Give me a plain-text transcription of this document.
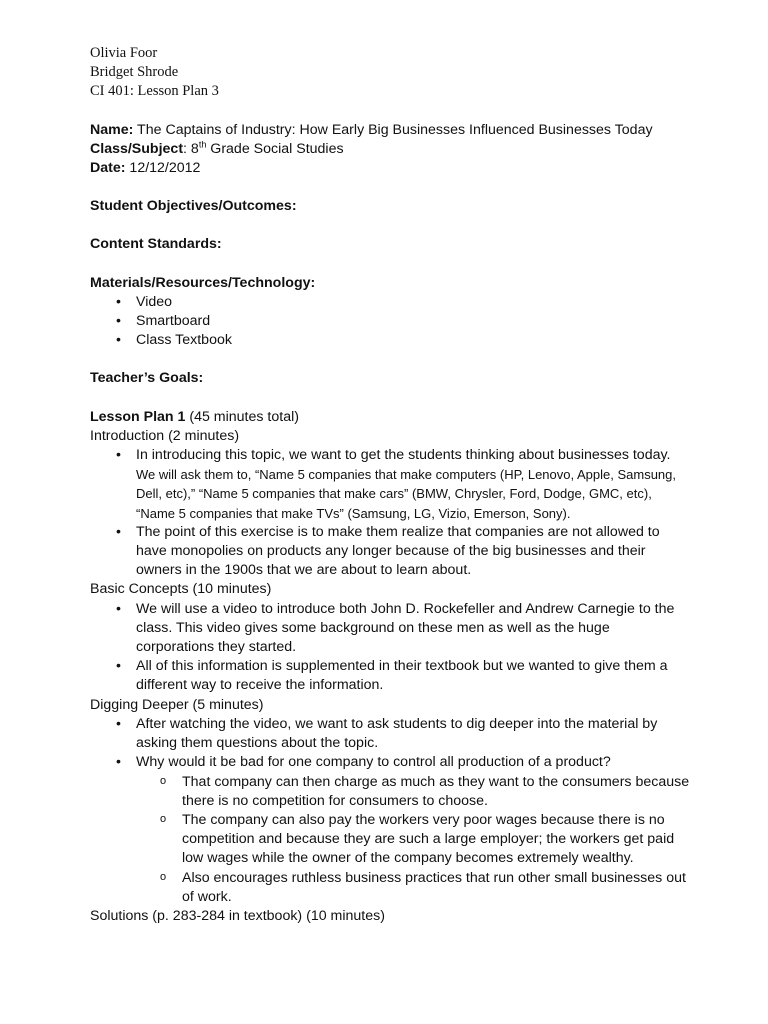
Olivia Foor
Bridget Shrode
CI 401: Lesson Plan 3
Name: The Captains of Industry: How Early Big Businesses Influenced Businesses Today
Class/Subject: 8th Grade Social Studies
Date: 12/12/2012
Student Objectives/Outcomes:
Content Standards:
Materials/Resources/Technology:
• Video
• Smartboard
• Class Textbook
Teacher’s Goals:
Lesson Plan 1 (45 minutes total)
Introduction (2 minutes)
• In introducing this topic, we want to get the students thinking about businesses today.
We will ask them to, “Name 5 companies that make computers (HP, Lenovo, Apple, Samsung, Dell, etc),” “Name 5 companies that make cars” (BMW, Chrysler, Ford, Dodge, GMC, etc), “Name 5 companies that make TVs” (Samsung, LG, Vizio, Emerson, Sony).
• The point of this exercise is to make them realize that companies are not allowed to have monopolies on products any longer because of the big businesses and their owners in the 1900s that we are about to learn about.
Basic Concepts (10 minutes)
• We will use a video to introduce both John D. Rockefeller and Andrew Carnegie to the class. This video gives some background on these men as well as the huge corporations they started.
• All of this information is supplemented in their textbook but we wanted to give them a different way to receive the information.
Digging Deeper (5 minutes)
• After watching the video, we want to ask students to dig deeper into the material by asking them questions about the topic.
• Why would it be bad for one company to control all production of a product?
o That company can then charge as much as they want to the consumers because there is no competition for consumers to choose.
o The company can also pay the workers very poor wages because there is no competition and because they are such a large employer; the workers get paid low wages while the owner of the company becomes extremely wealthy.
o Also encourages ruthless business practices that run other small businesses out of work.
Solutions (p. 283-284 in textbook) (10 minutes)
